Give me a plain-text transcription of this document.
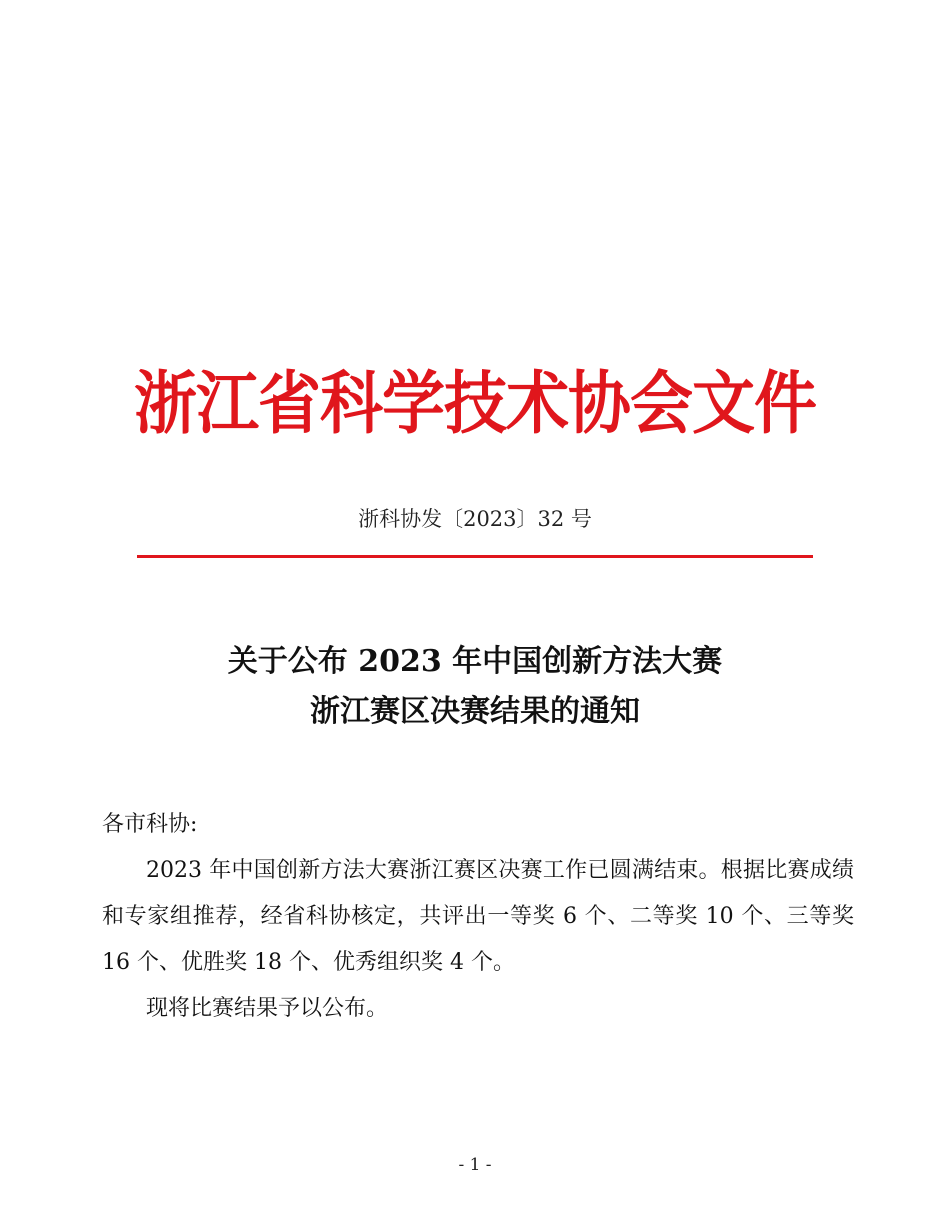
浙江省科学技术协会文件
浙科协发〔2023〕32 号
关于公布 2023 年中国创新方法大赛
浙江赛区决赛结果的通知

各市科协:

2023 年中国创新方法大赛浙江赛区决赛工作已圆满结束。根据比赛成绩和专家组推荐，经省科协核定，共评出一等奖 6 个、二等奖 10 个、三等奖 16 个、优胜奖 18 个、优秀组织奖 4 个。

现将比赛结果予以公布。

- 1 -
